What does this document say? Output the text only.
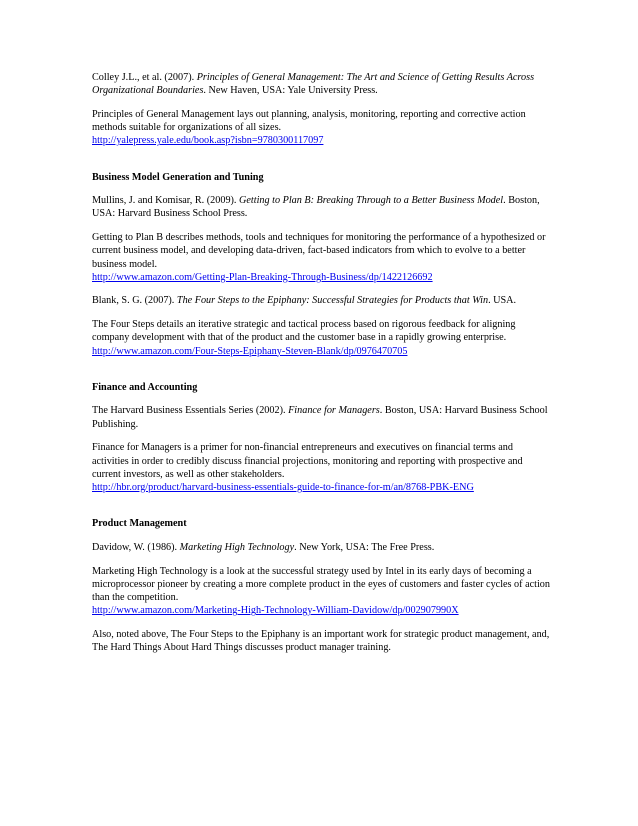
Colley J.L., et al. (2007). Principles of General Management: The Art and Science of Getting Results Across Organizational Boundaries. New Haven, USA: Yale University Press.

Principles of General Management lays out planning, analysis, monitoring, reporting and corrective action methods suitable for organizations of all sizes.

http://yalepress.yale.edu/book.asp?isbn=9780300117097

Business Model Generation and Tuning

Mullins, J. and Komisar, R. (2009). Getting to Plan B: Breaking Through to a Better Business Model. Boston, USA: Harvard Business School Press.

Getting to Plan B describes methods, tools and techniques for monitoring the performance of a hypothesized or current business model, and developing data-driven, fact-based indicators from which to evolve to a better business model.

http://www.amazon.com/Getting-Plan-Breaking-Through-Business/dp/1422126692

Blank, S. G. (2007). The Four Steps to the Epiphany: Successful Strategies for Products that Win. USA.

The Four Steps details an iterative strategic and tactical process based on rigorous feedback for aligning company development with that of the product and the customer base in a rapidly growing enterprise.

http://www.amazon.com/Four-Steps-Epiphany-Steven-Blank/dp/0976470705

Finance and Accounting

The Harvard Business Essentials Series (2002). Finance for Managers. Boston, USA: Harvard Business School Publishing.

Finance for Managers is a primer for non-financial entrepreneurs and executives on financial terms and activities in order to credibly discuss financial projections, monitoring and reporting with prospective and current investors, as well as other stakeholders.

http://hbr.org/product/harvard-business-essentials-guide-to-finance-for-m/an/8768-PBK-ENG

Product Management

Davidow, W. (1986). Marketing High Technology. New York, USA: The Free Press.

Marketing High Technology is a look at the successful strategy used by Intel in its early days of becoming a microprocessor pioneer by creating a more complete product in the eyes of customers and faster cycles of action than the competition.

http://www.amazon.com/Marketing-High-Technology-William-Davidow/dp/002907990X

Also, noted above, The Four Steps to the Epiphany is an important work for strategic product management, and, The Hard Things About Hard Things discusses product manager training.
